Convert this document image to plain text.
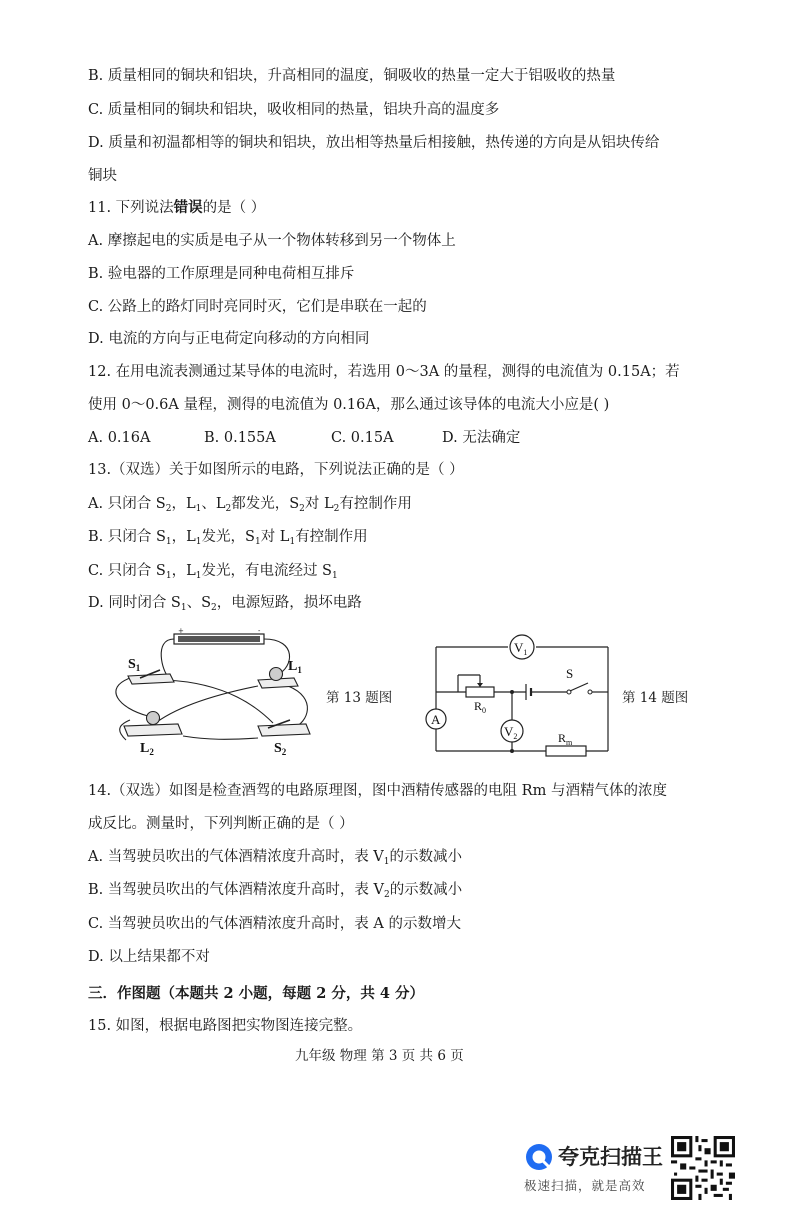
B. 质量相同的铜块和铝块，升高相同的温度，铜吸收的热量一定大于铝吸收的热量
C. 质量相同的铜块和铝块，吸收相同的热量，铝块升高的温度多
D. 质量和初温都相等的铜块和铝块，放出相等热量后相接触，热传递的方向是从铝块传给
铜块
11. 下列说法错误的是（ ）
A. 摩擦起电的实质是电子从一个物体转移到另一个物体上
B. 验电器的工作原理是同种电荷相互排斥
C. 公路上的路灯同时亮同时灭，它们是串联在一起的
D. 电流的方向与正电荷定向移动的方向相同
12. 在用电流表测通过某导体的电流时，若选用 0～3A 的量程，测得的电流值为 0.15A；若
使用 0～0.6A 量程，测得的电流值为 0.16A，那么通过该导体的电流大小应是( )
A. 0.16A	B. 0.155A	C. 0.15A	D. 无法确定
13.（双选）关于如图所示的电路，下列说法正确的是（ ）
A. 只闭合 $S_2$，$L_1$、$L_2$都发光，$S_2$对 $L_2$有控制作用
B. 只闭合 $S_1$，$L_1$发光，$S_1$对 $L_1$有控制作用
C. 只闭合 $S_1$，$L_1$发光，有电流经过 $S_1$
D. 同时闭合 $S_1$、$S_2$，电源短路，损坏电路
+	-
$S_1$	$L_1$
$L_2$	$S_2$
第 13 题图
$V_1$
A
$R_0$
S
$V_2$	$R_m$
第 14 题图
14.（双选）如图是检查酒驾的电路原理图，图中酒精传感器的电阻 Rm 与酒精气体的浓度
成反比。测量时，下列判断正确的是（ ）
A. 当驾驶员吹出的气体酒精浓度升高时，表 $V_1$的示数减小
B. 当驾驶员吹出的气体酒精浓度升高时，表 $V_2$的示数减小
C. 当驾驶员吹出的气体酒精浓度升高时，表 A 的示数增大
D. 以上结果都不对
三．作图题（本题共 2 小题，每题 2 分，共 4 分）
15. 如图，根据电路图把实物图连接完整。
九年级 物理 第 3 页 共 6 页
夸克扫描王
极速扫描，就是高效
